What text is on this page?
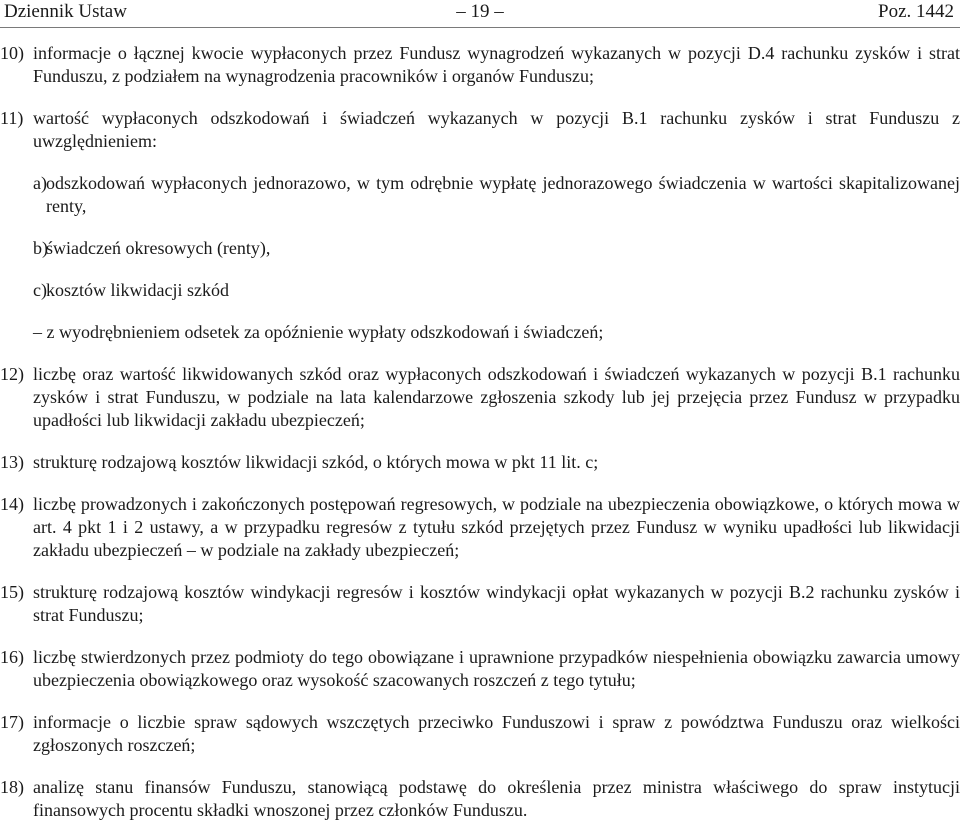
Dziennik Ustaw	– 19 –	Poz. 1442
10) informacje o łącznej kwocie wypłaconych przez Fundusz wynagrodzeń wykazanych w pozycji D.4 rachunku zysków i strat Funduszu, z podziałem na wynagrodzenia pracowników i organów Funduszu;
11) wartość wypłaconych odszkodowań i świadczeń wykazanych w pozycji B.1 rachunku zysków i strat Funduszu z uwzględnieniem:
a) odszkodowań wypłaconych jednorazowo, w tym odrębnie wypłatę jednorazowego świadczenia w wartości skapitalizowanej renty,
b)
świadczeń okresowych (renty),
c) kosztów likwidacji szkód
– z wyodrębnieniem odsetek za opóźnienie wypłaty odszkodowań i świadczeń;
12) liczbę oraz wartość likwidowanych szkód oraz wypłaconych odszkodowań i świadczeń wykazanych w pozycji B.1 rachunku zysków i strat Funduszu, w podziale na lata kalendarzowe zgłoszenia szkody lub jej przejęcia przez Fundusz w przypadku upadłości lub likwidacji zakładu ubezpieczeń;
13) strukturę rodzajową kosztów likwidacji szkód, o których mowa w pkt 11 lit. c;
14) liczbę prowadzonych i zakończonych postępowań regresowych, w podziale na ubezpieczenia obowiązkowe, o których mowa w art. 4 pkt 1 i 2 ustawy, a w przypadku regresów z tytułu szkód przejętych przez Fundusz w wyniku upadłości lub likwidacji zakładu ubezpieczeń – w podziale na zakłady ubezpieczeń;
15) strukturę rodzajową kosztów windykacji regresów i kosztów windykacji opłat wykazanych w pozycji B.2 rachunku zysków i strat Funduszu;
16) liczbę stwierdzonych przez podmioty do tego obowiązane i uprawnione przypadków niespełnienia obowiązku zawarcia umowy ubezpieczenia obowiązkowego oraz wysokość szacowanych roszczeń z tego tytułu;
17) informacje o liczbie spraw sądowych wszczętych przeciwko Funduszowi i spraw z powództwa Funduszu oraz wielkości zgłoszonych roszczeń;
18) analizę stanu finansów Funduszu, stanowiącą podstawę do określenia przez ministra właściwego do spraw instytucji finansowych procentu składki wnoszonej przez członków Funduszu.
